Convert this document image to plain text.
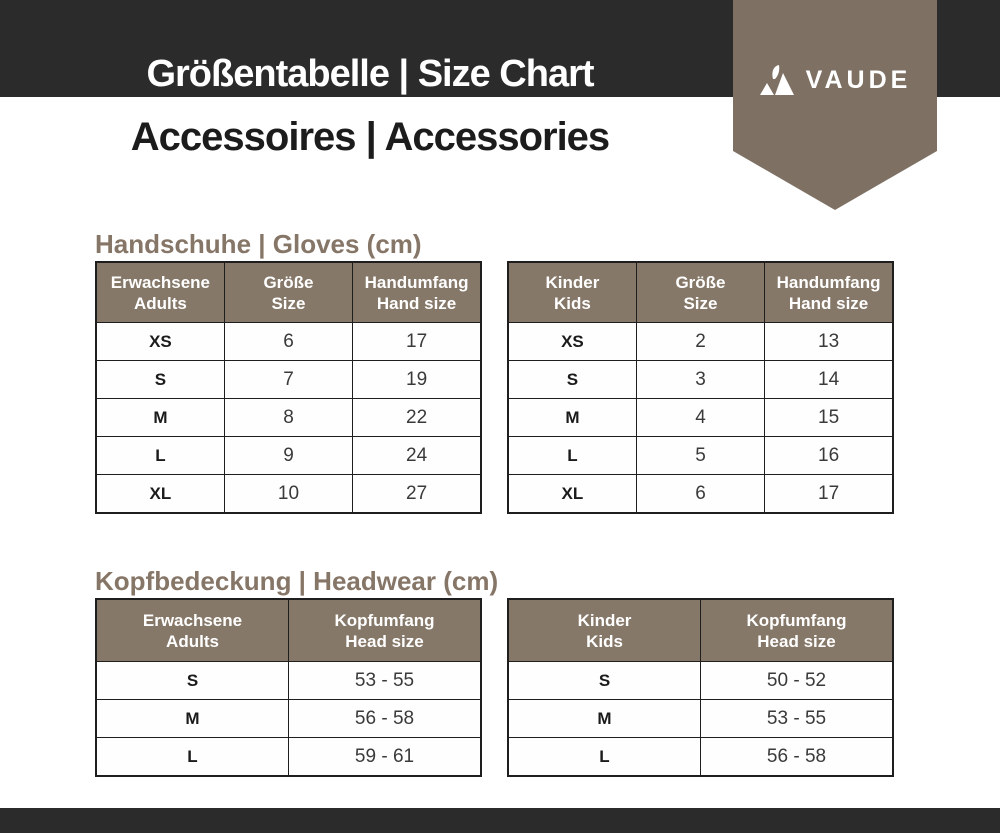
Größentabelle | Size Chart
Accessoires | Accessories
VAUDE
Handschuhe | Gloves (cm)
Erwachsene
Adults

Größe
Size

Handumfang
Hand size

XS	6	17
S	7	19
M	8	22
L	9	24
XL	10	27
Kinder
Kids

Größe
Size

Handumfang
Hand size

XS	2	13
S	3	14
M	4	15
L	5	16
XL	6	17
Kopfbedeckung | Headwear (cm)
Erwachsene
Adults

Kopfumfang
Head size

S	53 - 55
M	56 - 58
L	59 - 61
Kinder
Kids

Kopfumfang
Head size

S	50 - 52
M	53 - 55
L	56 - 58
